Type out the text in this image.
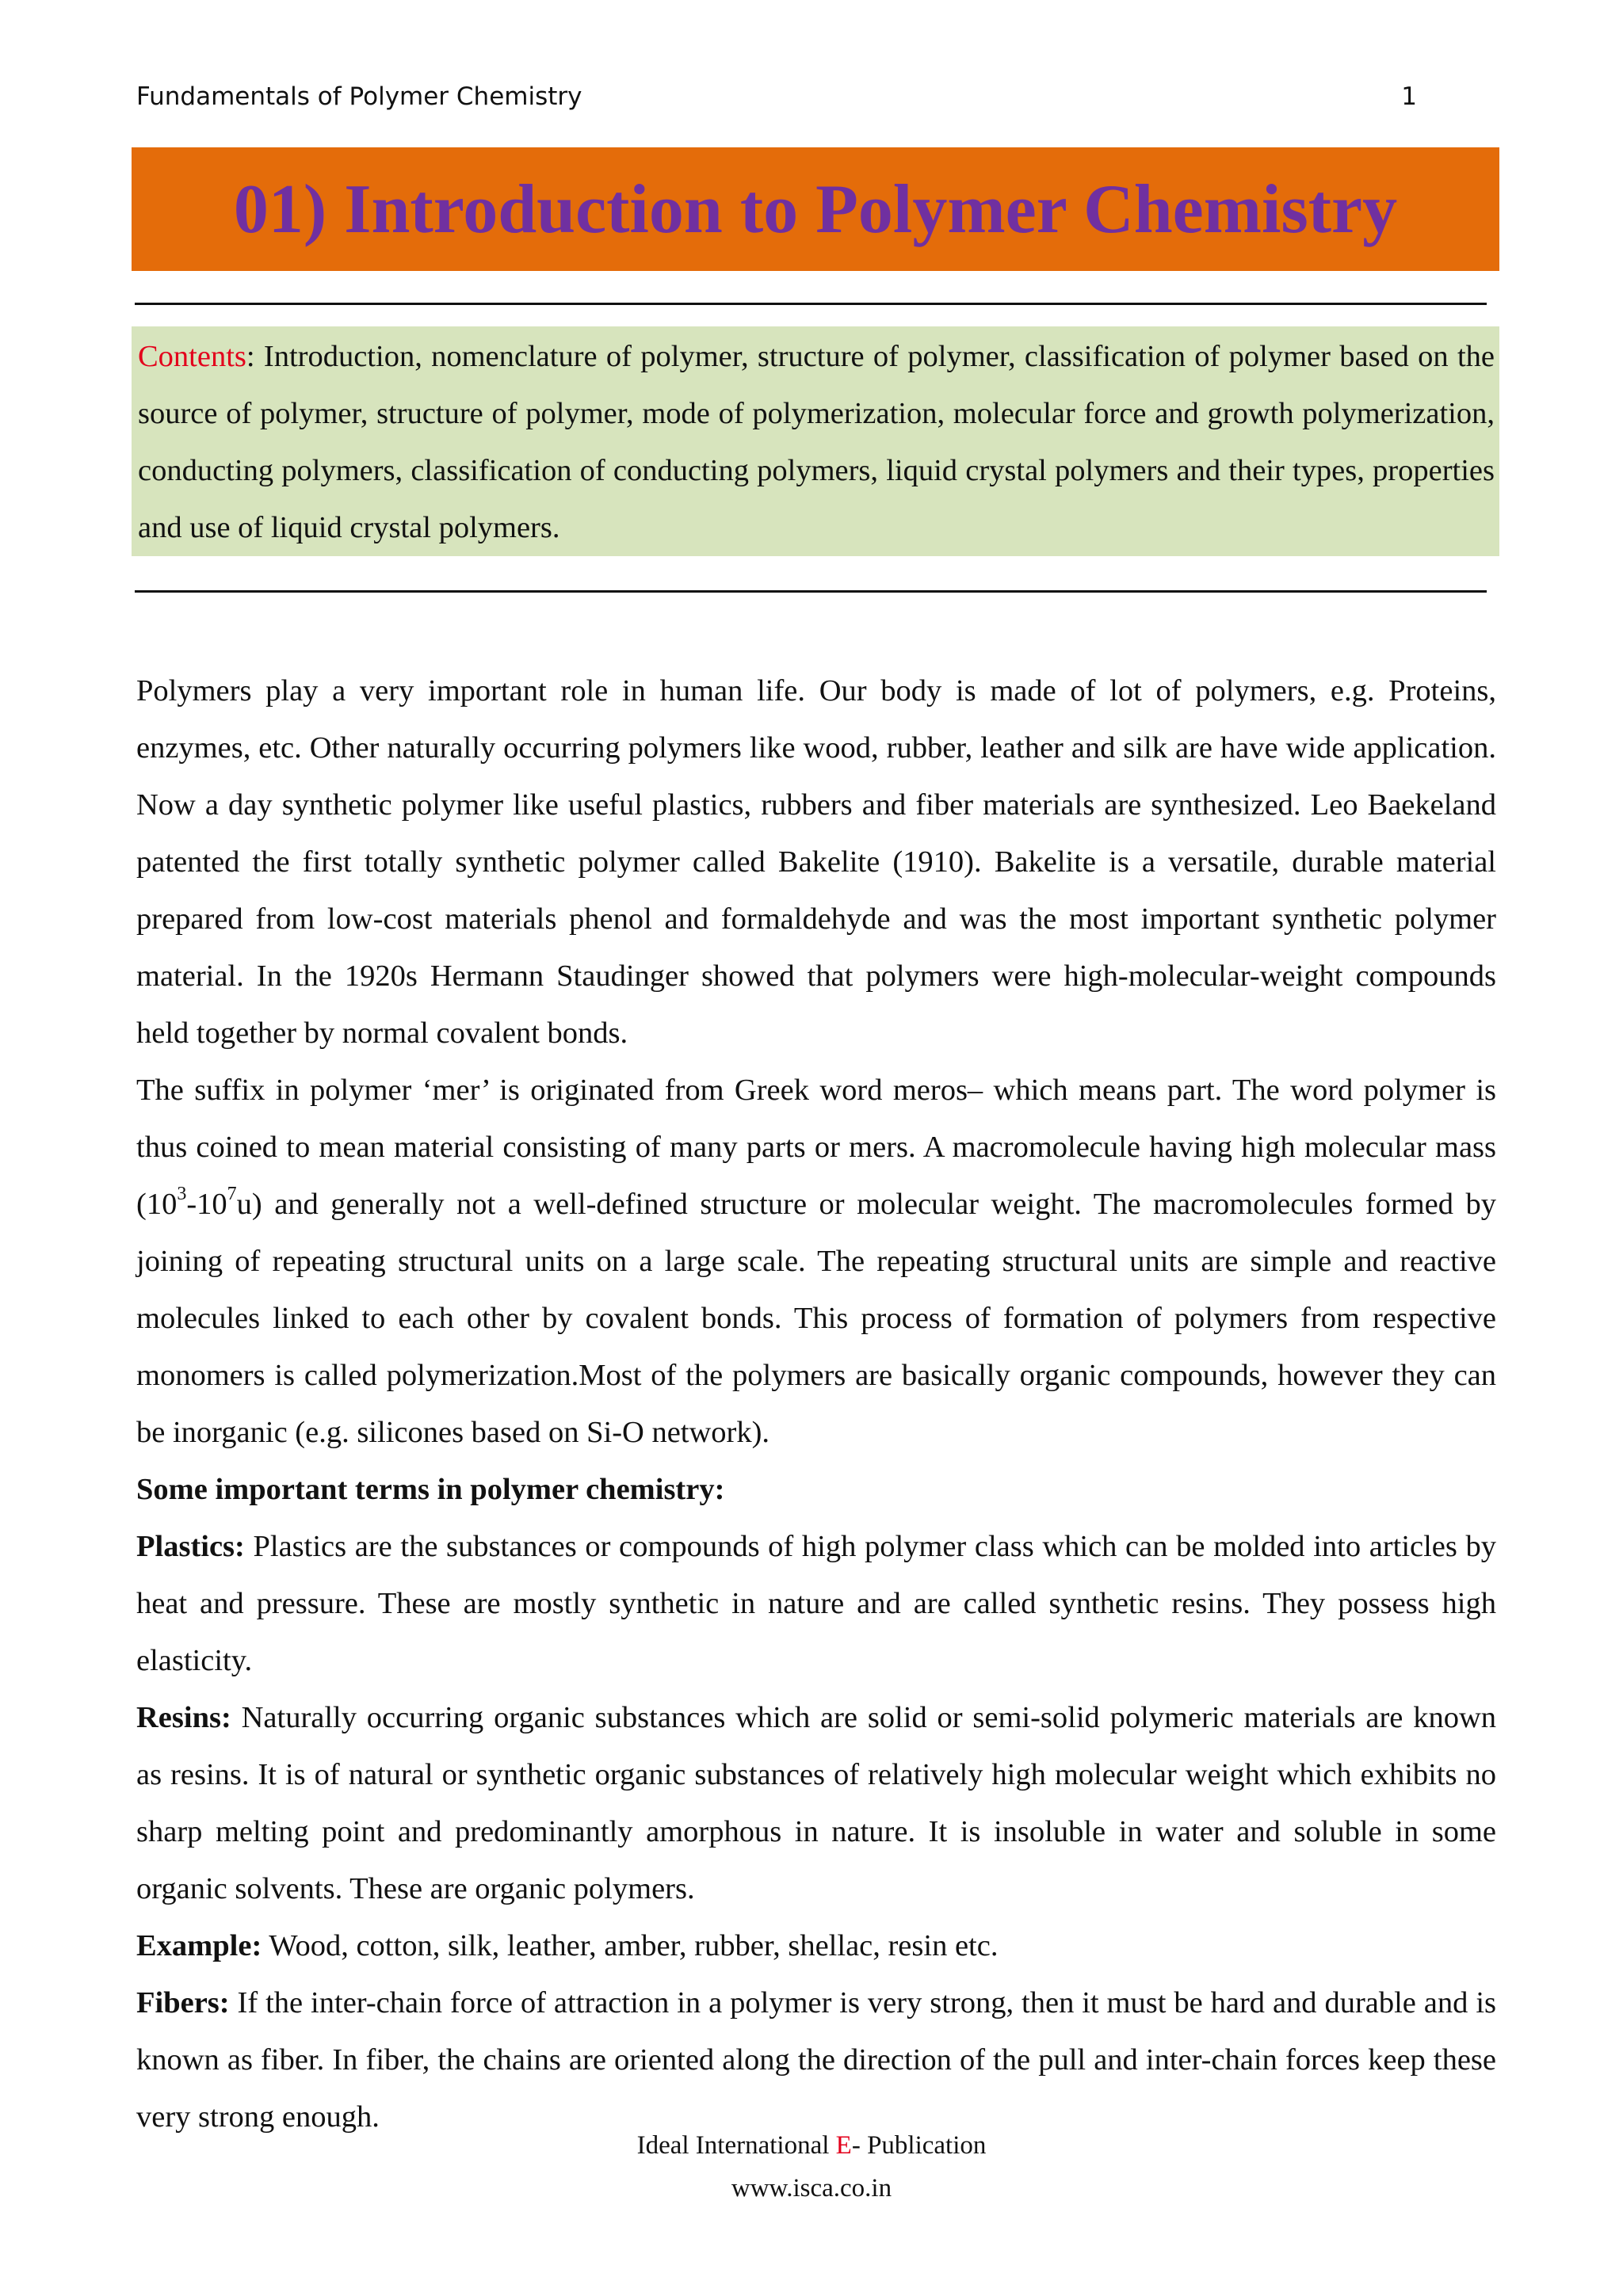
Fundamentals of Polymer Chemistry	1
01) Introduction to Polymer Chemistry
Contents: Introduction, nomenclature of polymer, structure of polymer, classification of polymer based on the source of polymer, structure of polymer, mode of polymerization, molecular force and growth polymerization, conducting polymers, classification of conducting polymers, liquid crystal polymers and their types, properties and use of liquid crystal polymers.

Polymers play a very important role in human life. Our body is made of lot of polymers, e.g. Proteins, enzymes, etc. Other naturally occurring polymers like wood, rubber, leather and silk are have wide application. Now a day synthetic polymer like useful plastics, rubbers and fiber materials are synthesized. Leo Baekeland patented the first totally synthetic polymer called Bakelite (1910). Bakelite is a versatile, durable material prepared from low-cost materials phenol and formaldehyde and was the most important synthetic polymer material. In the 1920s Hermann Staudinger showed that polymers were high-molecular-weight compounds held together by normal covalent bonds.

The suffix in polymer ‘mer’ is originated from Greek word meros– which means part. The word polymer is thus coined to mean material consisting of many parts or mers. A macromolecule having high molecular mass $(10^3-10^7u)$ and generally not a well-defined structure or molecular weight. The macromolecules formed by joining of repeating structural units on a large scale. The repeating structural units are simple and reactive molecules linked to each other by covalent bonds. This process of formation of polymers from respective monomers is called polymerization.Most of the polymers are basically organic compounds, however they can be inorganic (e.g. silicones based on Si-O network).

Some important terms in polymer chemistry:

Plastics: Plastics are the substances or compounds of high polymer class which can be molded into articles by heat and pressure. These are mostly synthetic in nature and are called synthetic resins. They possess high elasticity.

Resins: Naturally occurring organic substances which are solid or semi-solid polymeric materials are known as resins. It is of natural or synthetic organic substances of relatively high molecular weight which exhibits no sharp melting point and predominantly amorphous in nature. It is insoluble in water and soluble in some organic solvents. These are organic polymers.

Example: Wood, cotton, silk, leather, amber, rubber, shellac, resin etc.

Fibers: If the inter-chain force of attraction in a polymer is very strong, then it must be hard and durable and is known as fiber. In fiber, the chains are oriented along the direction of the pull and inter-chain forces keep these very strong enough.

Ideal International E- Publication
www.isca.co.in
